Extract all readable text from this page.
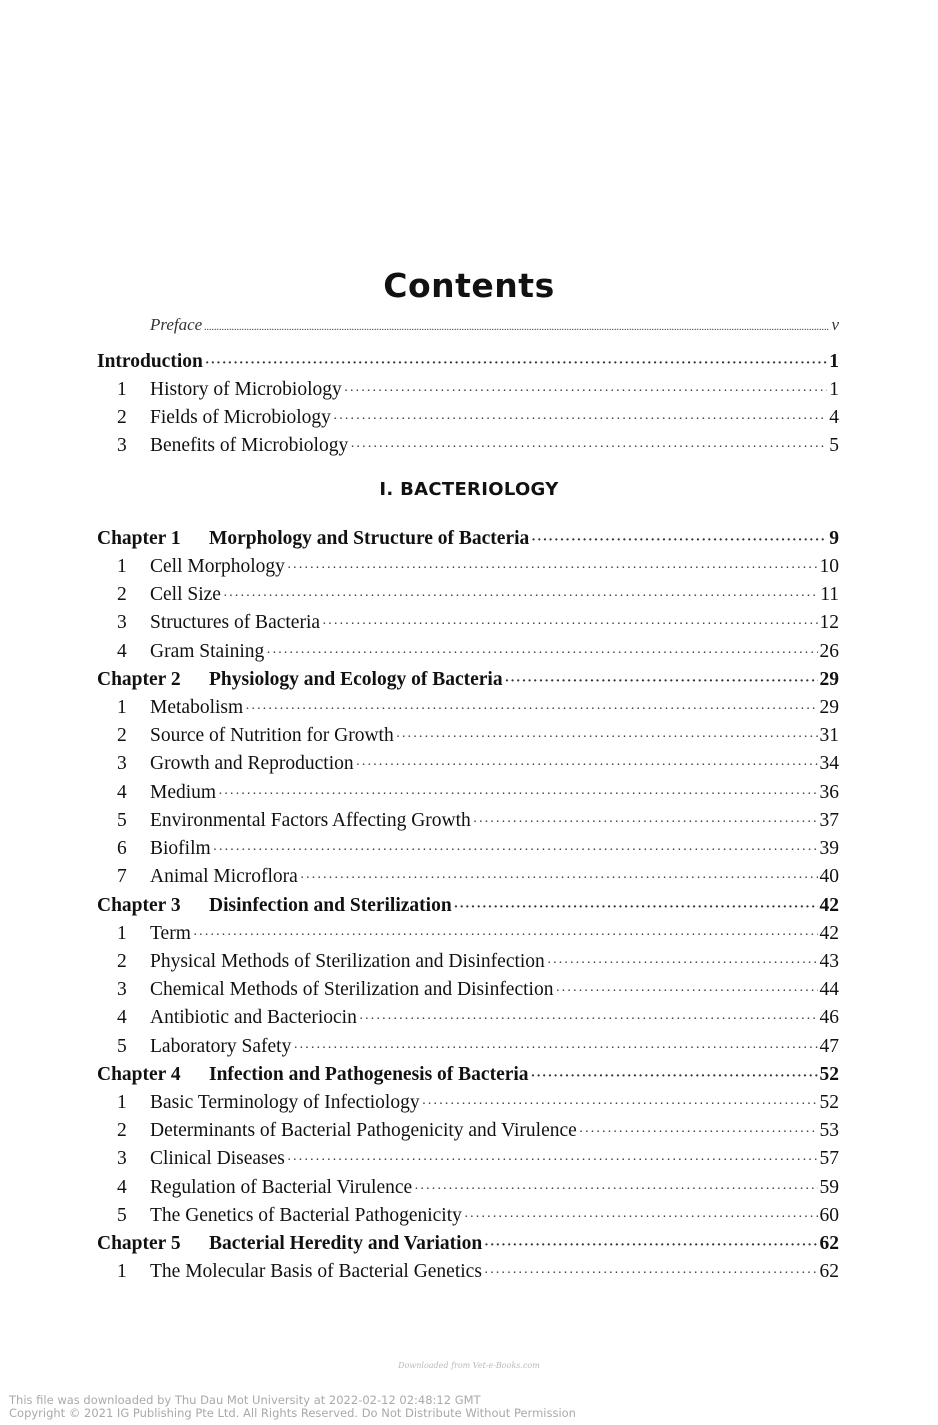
Contents
Preface .....	v
Introduction ·····	1
1	History of Microbiology ·····	1
2	Fields of Microbiology ·····	4
3	Benefits of Microbiology ·····	5
Ⅰ. BACTERIOLOGY
Chapter 1	Morphology and Structure of Bacteria ·····	9
1	Cell Morphology ·····	10
2	Cell Size ·····	11
3	Structures of Bacteria ·····	12
4	Gram Staining ·····	26
Chapter 2	Physiology and Ecology of Bacteria ·····	29
1	Metabolism ·····	29
2	Source of Nutrition for Growth ·····	31
3	Growth and Reproduction ·····	34
4	Medium ·····	36
5	Environmental Factors Affecting Growth ·····	37
6	Biofilm ·····	39
7	Animal Microflora ·····	40
Chapter 3	Disinfection and Sterilization ·····	42
1	Term ·····	42
2	Physical Methods of Sterilization and Disinfection ·····	43
3	Chemical Methods of Sterilization and Disinfection ·····	44
4	Antibiotic and Bacteriocin ·····	46
5	Laboratory Safety ·····	47
Chapter 4	Infection and Pathogenesis of Bacteria ·····	52
1	Basic Terminology of Infectiology ·····	52
2	Determinants of Bacterial Pathogenicity and Virulence ·····	53
3	Clinical Diseases ·····	57
4	Regulation of Bacterial Virulence ·····	59
5	The Genetics of Bacterial Pathogenicity ·····	60
Chapter 5	Bacterial Heredity and Variation ·····	62
1	The Molecular Basis of Bacterial Genetics ·····	62
Downloaded from Vet-e-Books.com
This file was downloaded by Thu Dau Mot University at 2022-02-12 02:48:12 GMT
Copyright © 2021 IG Publishing Pte Ltd. All Rights Reserved. Do Not Distribute Without Permission
